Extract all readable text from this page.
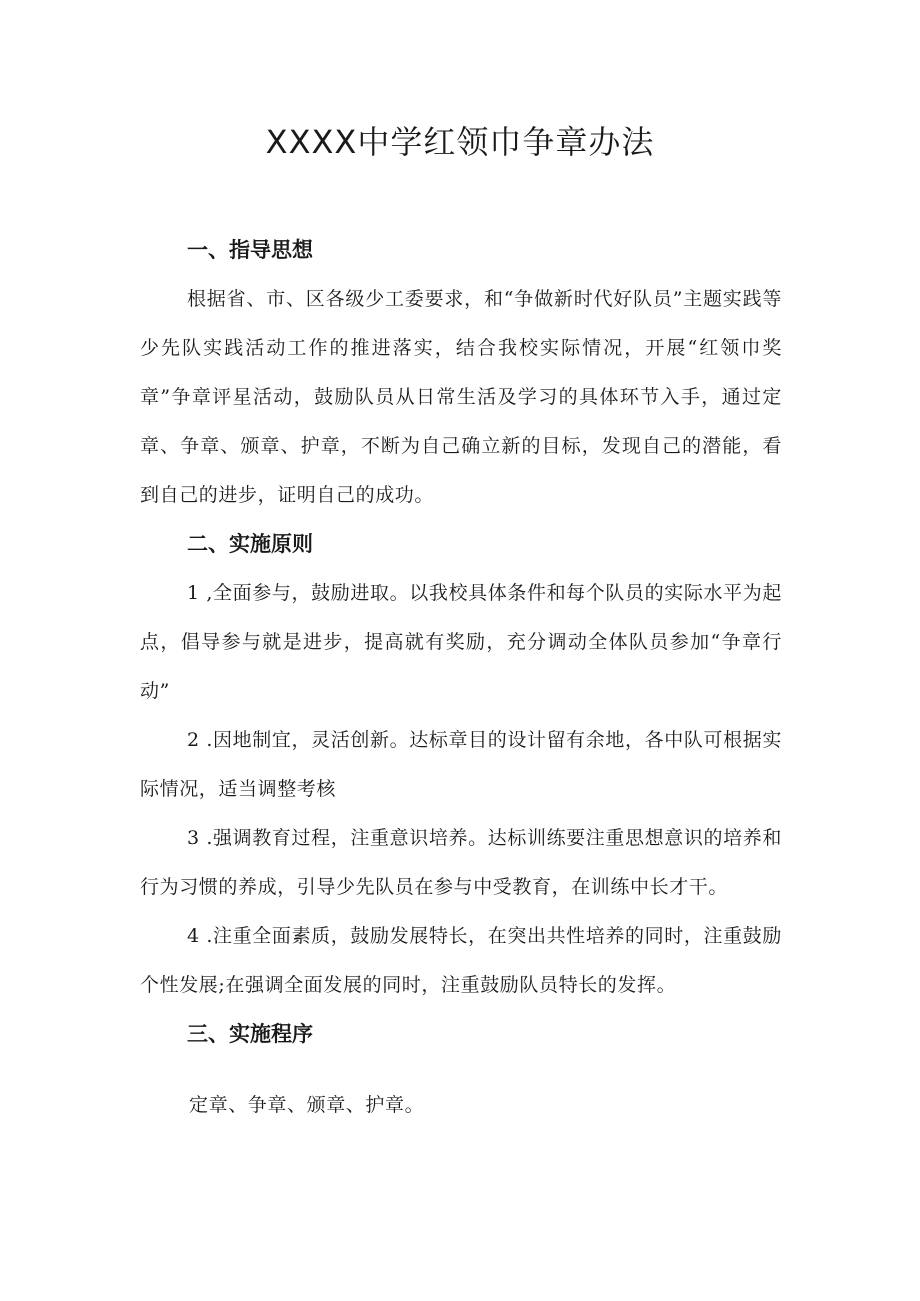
XXXX中学红领巾争章办法
一、指导思想

根据省、市、区各级少工委要求，和“争做新时代好队员”主题实践等少先队实践活动工作的推进落实，结合我校实际情况，开展“红领巾奖章”争章评星活动，鼓励队员从日常生活及学习的具体环节入手，通过定章、争章、颁章、护章，不断为自己确立新的目标，发现自己的潜能，看到自己的进步，证明自己的成功。

二、实施原则

1 ,全面参与，鼓励进取。以我校具体条件和每个队员的实际水平为起点，倡导参与就是进步，提高就有奖励，充分调动全体队员参加“争章行动”

2 .因地制宜，灵活创新。达标章目的设计留有余地，各中队可根据实际情况，适当调整考核

3 .强调教育过程，注重意识培养。达标训练要注重思想意识的培养和行为习惯的养成，引导少先队员在参与中受教育，在训练中长才干。

4 .注重全面素质，鼓励发展特长，在突出共性培养的同时，注重鼓励个性发展;在强调全面发展的同时，注重鼓励队员特长的发挥。

三、实施程序

定章、争章、颁章、护章。
